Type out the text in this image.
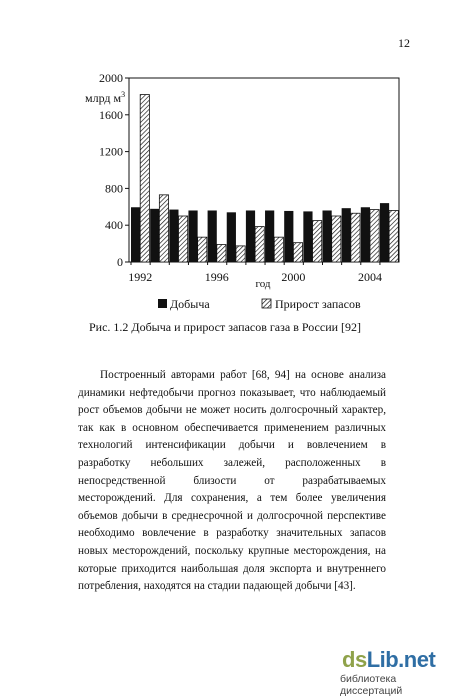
12
0
400
800
1200
1600
2000
млрд $м^3$
1992	1996	2000	2004
год
Добыча	Прирост запасов
Рис. 1.2 Добыча и прирост запасов газа в России [92]

Построенный авторами работ [68, 94] на основе анализа динамики нефтедобычи прогноз показывает, что наблюдаемый рост объемов добычи не может носить долгосрочный характер, так как в основном обеспечивается применением различных технологий интенсификации добычи и вовлечением в разработку небольших залежей, расположенных в непосредственной близости от разрабатываемых месторождений. Для сохранения, а тем более увеличения объемов добычи в среднесрочной и долгосрочной перспективе необходимо вовлечение в разработку значительных запасов новых месторождений, поскольку крупные месторождения, на которые приходится наибольшая доля экспорта и внутреннего потребления, находятся на стадии падающей добычи [43].

dsLib.net
библиотека диссертаций
